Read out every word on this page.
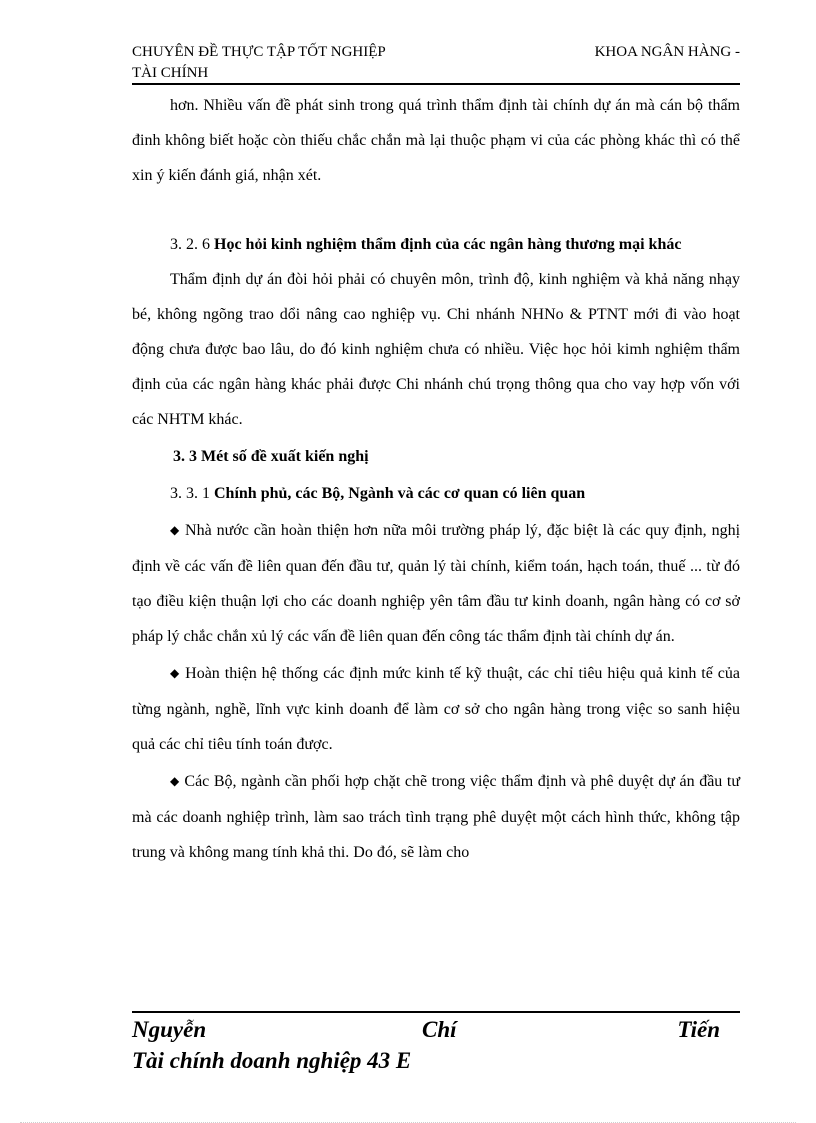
CHUYÊN ĐỀ THỰC TẬP TỐT NGHIỆP	KHOA NGÂN HÀNG -
TÀI CHÍNH

hơn. Nhiều vấn đề phát sinh trong quá trình thẩm định tài chính dự án mà cán bộ thẩm đinh không biết hoặc còn thiếu chắc chắn mà lại thuộc phạm vi của các phòng khác thì có thể xin ý kiến đánh giá, nhận xét.

3. 2. 6 Học hỏi kinh nghiệm thẩm định của các ngân hàng thương mại khác

Thẩm định dự án đòi hỏi phải có chuyên môn, trình độ, kinh nghiệm và khả năng nhạy bé, không ngõng trao dổi nâng cao nghiệp vụ. Chi nhánh NHNo & PTNT mới đi vào hoạt động chưa được bao lâu, do đó kinh nghiệm chưa có nhiều. Việc học hỏi kimh nghiệm thẩm định của các ngân hàng khác phải được Chi nhánh chú trọng thông qua cho vay hợp vốn với các NHTM khác.

3. 3 Mét số đề xuất kiến nghị

3. 3. 1 Chính phủ, các Bộ, Ngành và các cơ quan có liên quan

◆ Nhà nước cần hoàn thiện hơn nữa môi trường pháp lý, đặc biệt là các quy định, nghị định về các vấn đề liên quan đến đầu tư, quản lý tài chính, kiểm toán, hạch toán, thuế ... từ đó tạo điều kiện thuận lợi cho các doanh nghiệp yên tâm đầu tư kinh doanh, ngân hàng có cơ sở pháp lý chắc chắn xủ lý các vấn đề liên quan đến công tác thẩm định tài chính dự án.

◆ Hoàn thiện hệ thống các định mức kinh tế kỹ thuật, các chỉ tiêu hiệu quả kinh tế của từng ngành, nghề, lĩnh vực kinh doanh để làm cơ sở cho ngân hàng trong việc so sanh hiệu quả các chỉ tiêu tính toán được.

◆ Các Bộ, ngành cần phối hợp chặt chẽ trong việc thẩm định và phê duyệt dự án đầu tư mà các doanh nghiệp trình, làm sao trách tình trạng phê duyệt một cách hình thức, không tập trung và không mang tính khả thi. Do đó, sẽ làm cho

Nguyễn	Chí	Tiến
Tài chính doanh nghiệp 43 E
